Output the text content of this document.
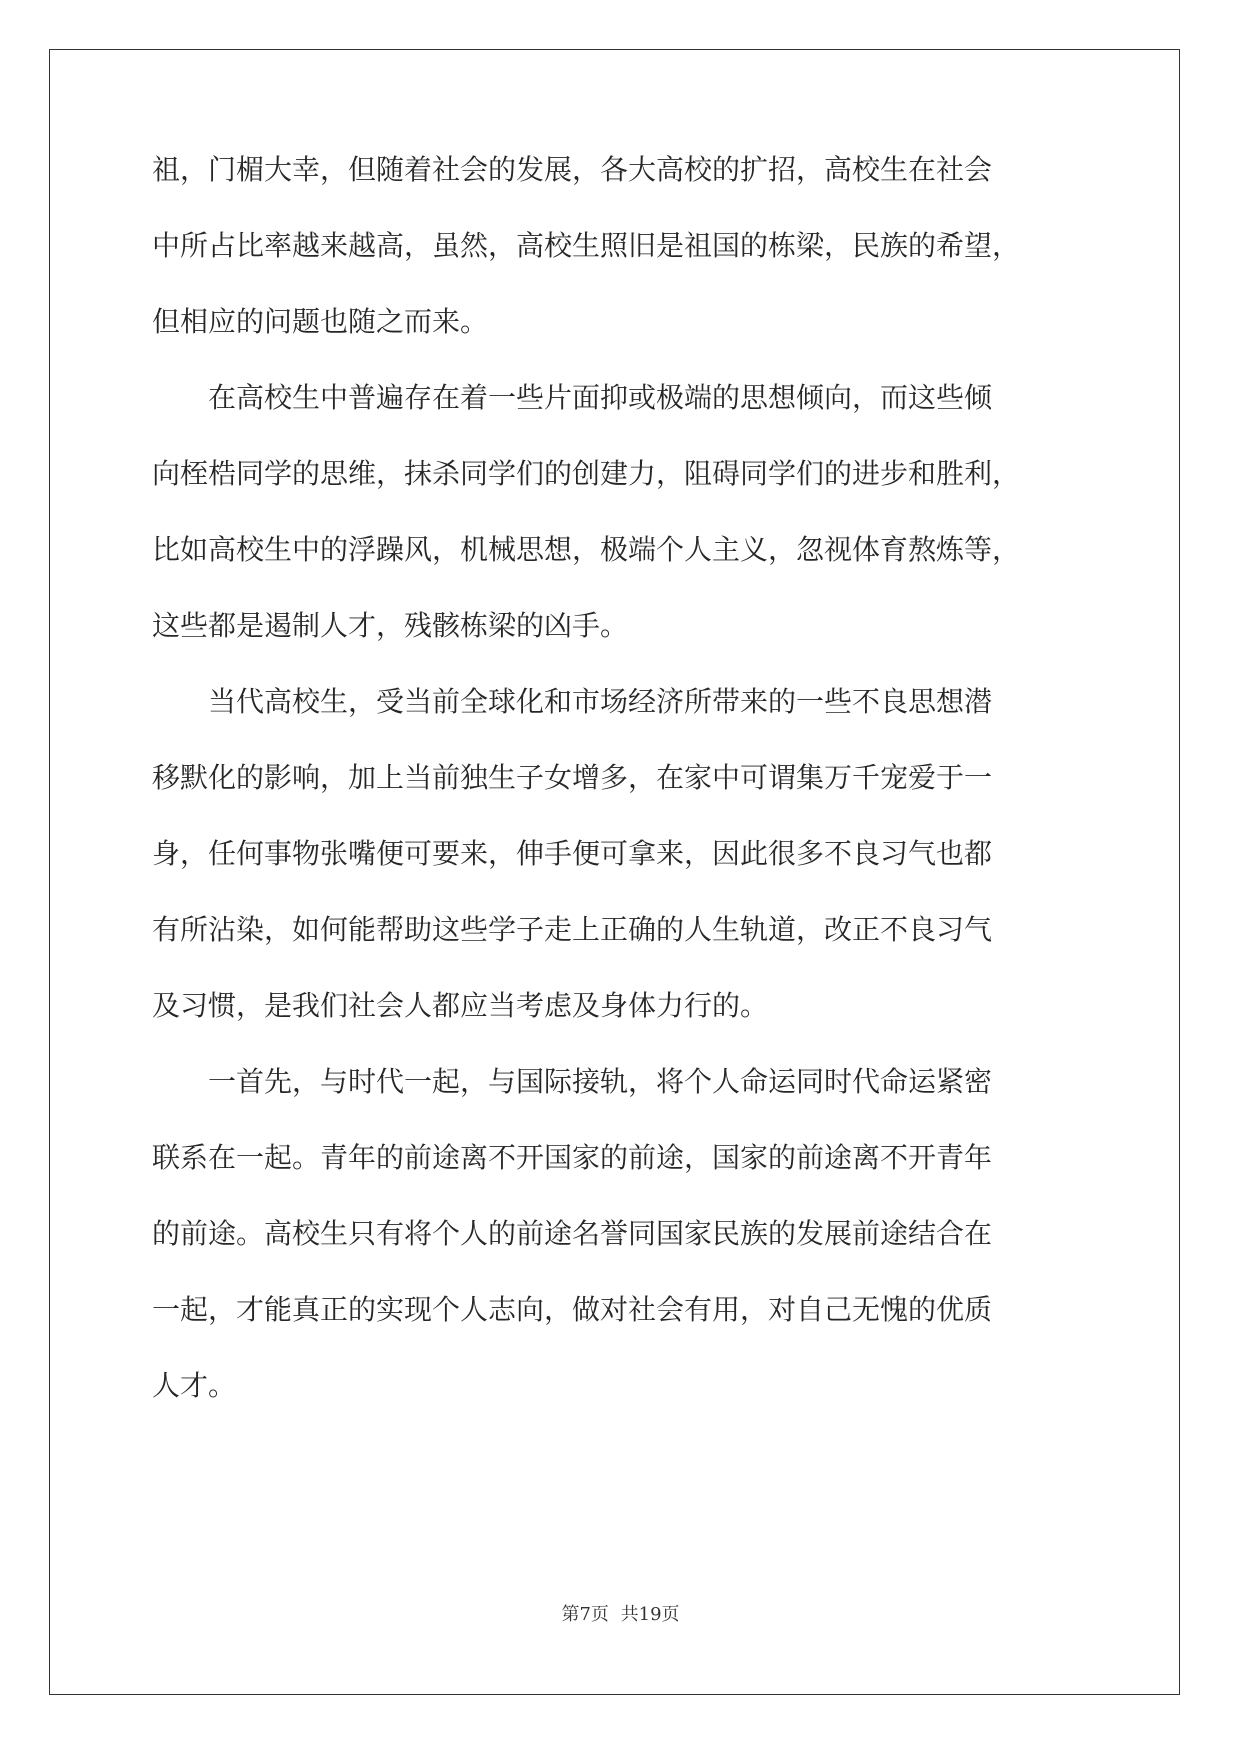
祖，门楣大幸，但随着社会的发展，各大高校的扩招，高校生在社会
中所占比率越来越高，虽然，高校生照旧是祖国的栋梁，民族的希望，
但相应的问题也随之而来。
　　在高校生中普遍存在着一些片面抑或极端的思想倾向，而这些倾
向桎梏同学的思维，抹杀同学们的创建力，阻碍同学们的进步和胜利，
比如高校生中的浮躁风，机械思想，极端个人主义，忽视体育熬炼等，
这些都是遏制人才，残骸栋梁的凶手。
　　当代高校生，受当前全球化和市场经济所带来的一些不良思想潜
移默化的影响，加上当前独生子女增多，在家中可谓集万千宠爱于一
身，任何事物张嘴便可要来，伸手便可拿来，因此很多不良习气也都
有所沾染，如何能帮助这些学子走上正确的人生轨道，改正不良习气
及习惯，是我们社会人都应当考虑及身体力行的。
　　一首先，与时代一起，与国际接轨，将个人命运同时代命运紧密
联系在一起。青年的前途离不开国家的前途，国家的前途离不开青年
的前途。高校生只有将个人的前途名誉同国家民族的发展前途结合在
一起，才能真正的实现个人志向，做对社会有用，对自己无愧的优质
人才。
第7页 共19页
